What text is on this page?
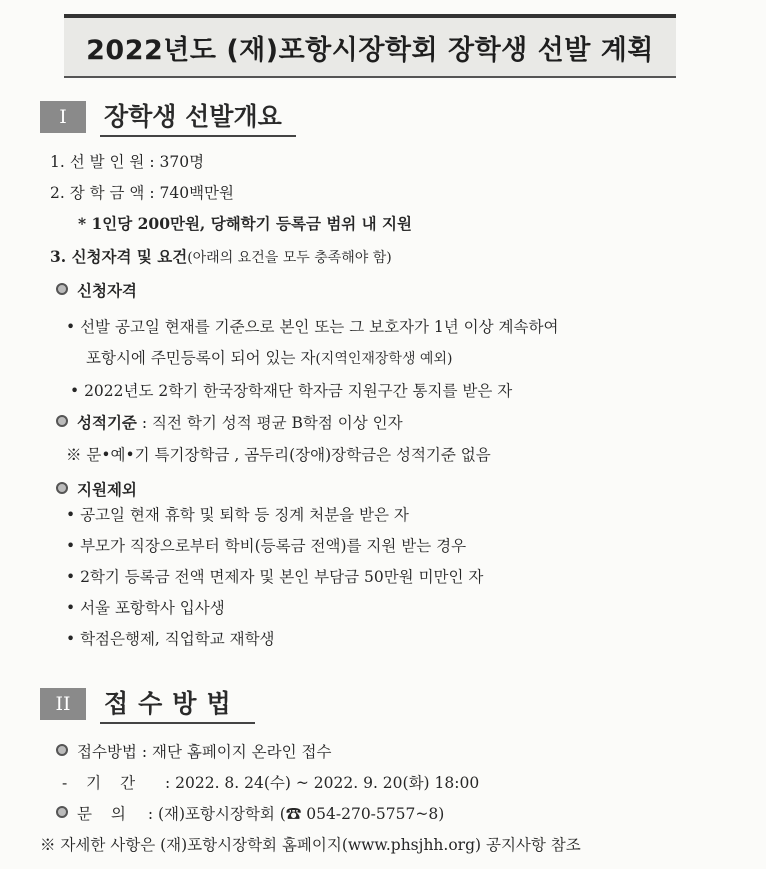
2022년도 (재)포항시장학회 장학생 선발 계획
I	장학생 선발개요
1. 선 발 인 원 : 370명
2. 장 학 금 액 : 740백만원
* 1인당 200만원, 당해학기 등록금 범위 내 지원
3. 신청자격 및 요건(아래의 요건을 모두 충족해야 함)
신청자격
• 선발 공고일 현재를 기준으로 본인 또는 그 보호자가 1년 이상 계속하여
포항시에 주민등록이 되어 있는 자(지역인재장학생 예외)
• 2022년도 2학기 한국장학재단 학자금 지원구간 통지를 받은 자
성적기준 : 직전 학기 성적 평균 B학점 이상 인자
※ 문•예•기 특기장학금 , 곰두리(장애)장학금은 성적기준 없음
지원제외
• 공고일 현재 휴학 및 퇴학 등 징계 처분을 받은 자
• 부모가 직장으로부터 학비(등록금 전액)를 지원 받는 경우
• 2학기 등록금 전액 면제자 및 본인 부담금 50만원 미만인 자
• 서울 포항학사 입사생
• 학점은행제, 직업학교 재학생
II	접수방법
접수방법 : 재단 홈페이지 온라인 접수
- 기 간 : 2022. 8. 24(수) ~ 2022. 9. 20(화) 18:00
문 의 : (재)포항시장학회 (☎ 054-270-5757~8)
※ 자세한 사항은 (재)포항시장학회 홈페이지(www.phsjhh.org) 공지사항 참조
